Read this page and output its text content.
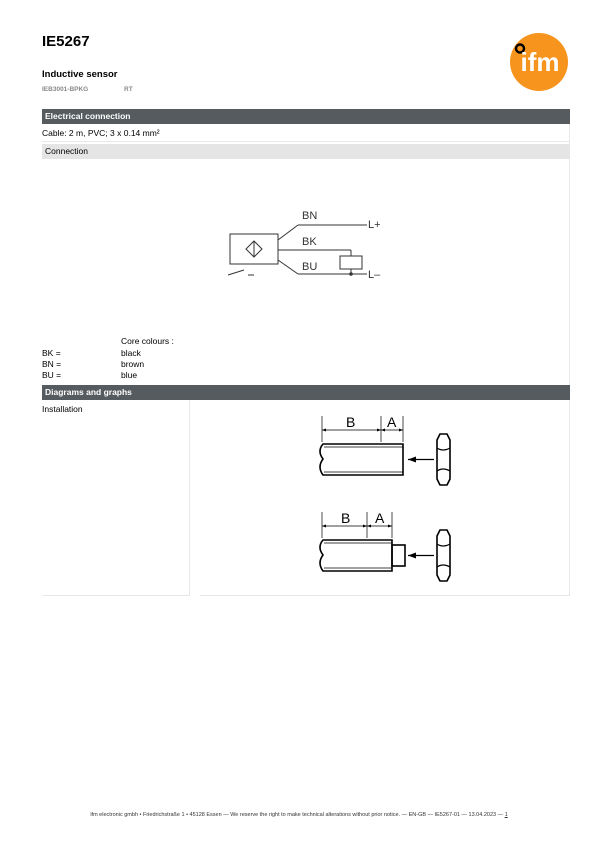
IE5267
Inductive sensor
IEB3001-BPKG	RT
ifm
Electrical connection
Cable: 2 m, PVC; 3 x 0.14 mm²
Connection
BN
BK
BU
L+
L–
Core colours :
BK =	black
BN =	brown
BU =	blue
Diagrams and graphs
Installation
B A
B A
ifm electronic gmbh • Friedrichstraße 1 • 45128 Essen — We reserve the right to make technical alterations without prior notice. — EN-GB — IE5267-01 — 13.04.2023 — 1
